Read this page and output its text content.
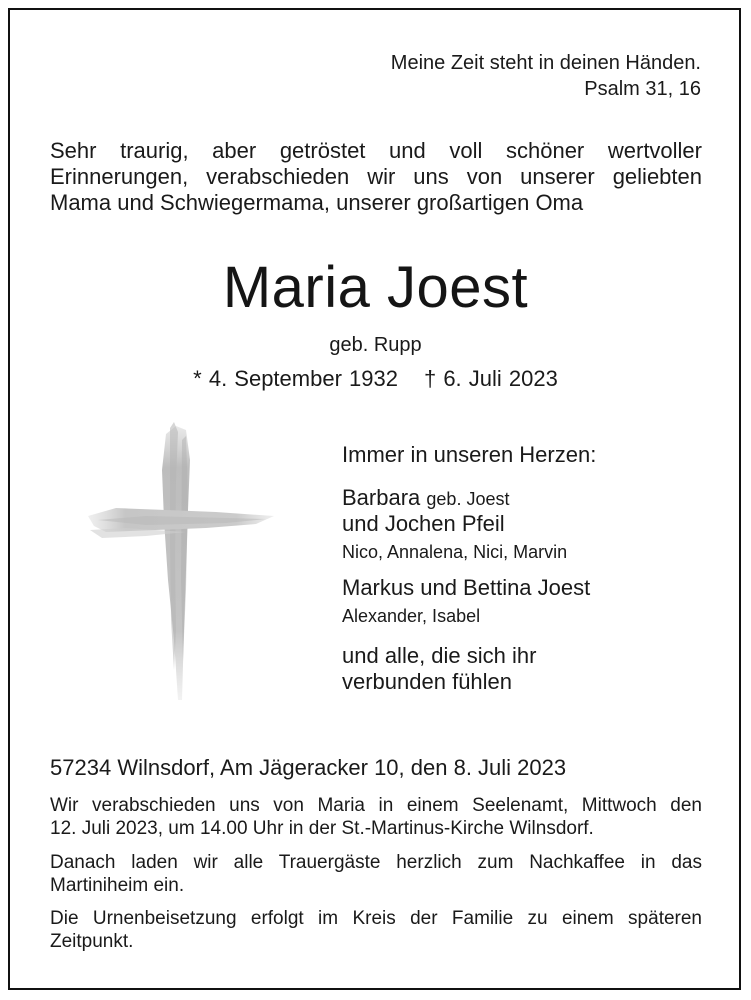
Meine Zeit steht in deinen Händen.

Psalm 31, 16

Sehr traurig, aber getröstet und voll schöner wertvoller
Erinnerungen, verabschieden wir uns von unserer geliebten
Mama und Schwiegermama, unserer großartigen Oma

Maria Joest

geb. Rupp

* 4. September 1932 † 6. Juli 2023

Immer in unseren Herzen:

Barbara geb. Joest

und Jochen Pfeil

Nico, Annalena, Nici, Marvin

Markus und Bettina Joest

Alexander, Isabel

und alle, die sich ihr

verbunden fühlen

57234 Wilnsdorf, Am Jägeracker 10, den 8. Juli 2023

Wir verabschieden uns von Maria in einem Seelenamt, Mittwoch den
12. Juli 2023, um 14.00 Uhr in der St.-Martinus-Kirche Wilnsdorf.
Danach laden wir alle Trauergäste herzlich zum Nachkaffee in das
Martiniheim ein.
Die Urnenbeisetzung erfolgt im Kreis der Familie zu einem späteren
Zeitpunkt.
